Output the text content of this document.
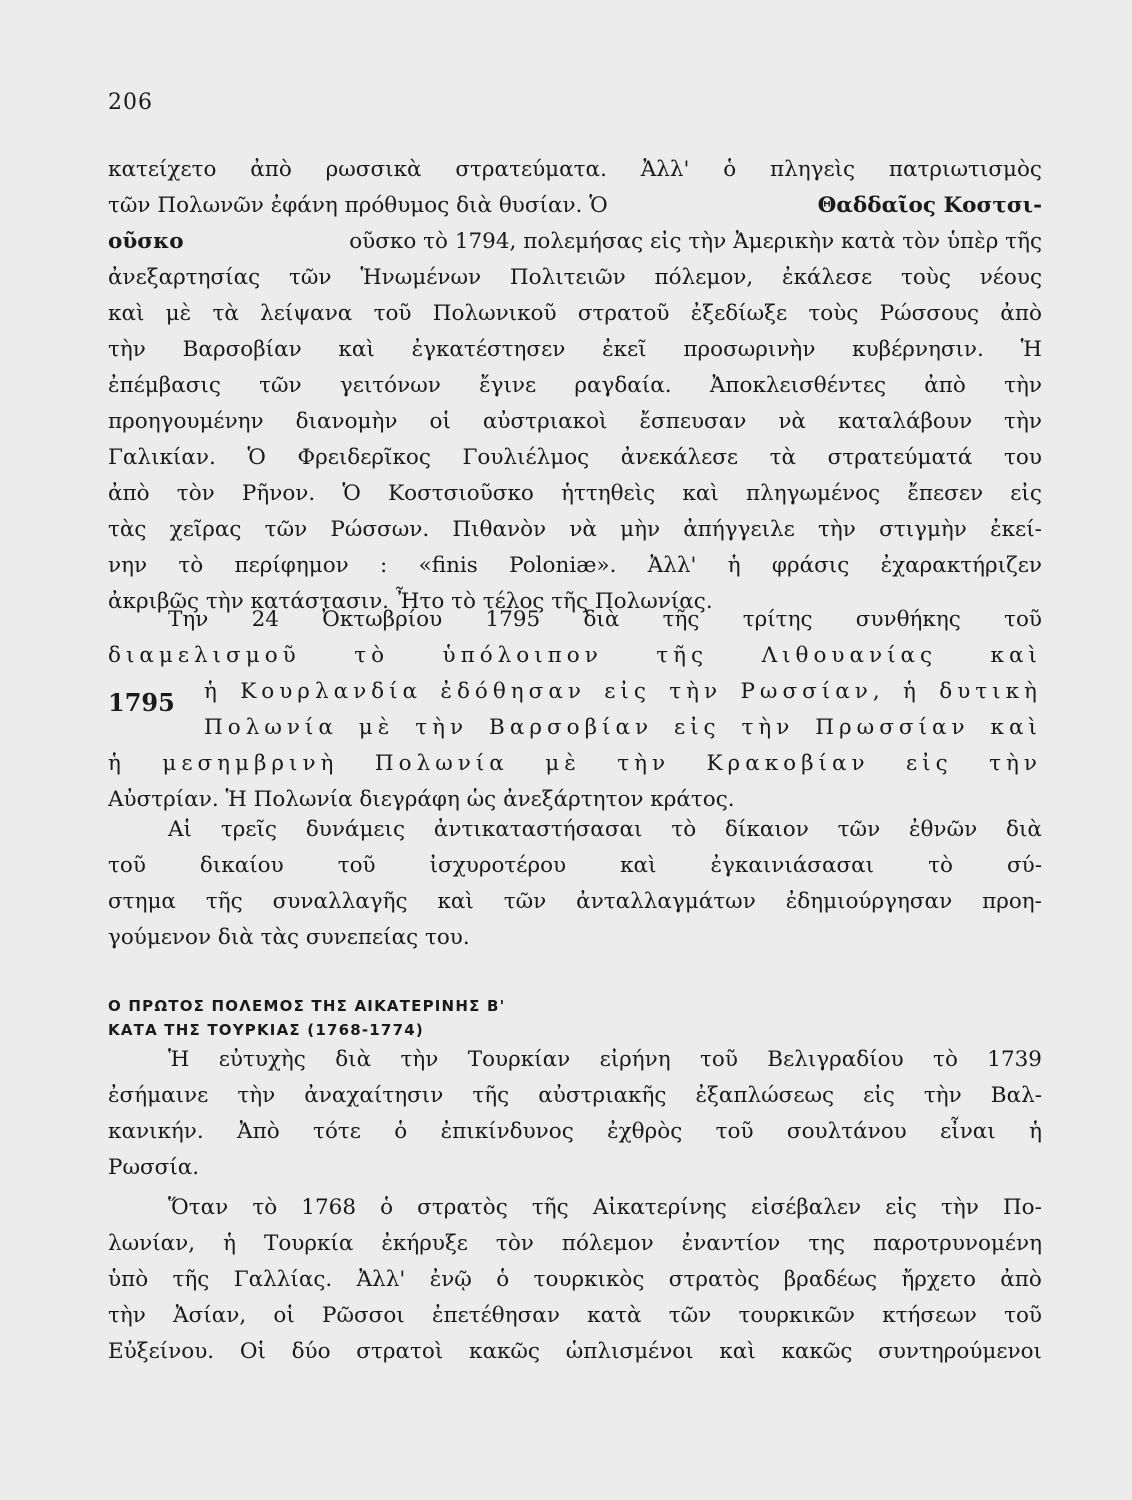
206
κατείχετο ἀπὸ ρωσσικὰ στρατεύματα. Ἀλλ' ὁ πληγεὶς πατριωτισμὸς
τῶν Πολωνῶν ἐφάνη πρόθυμος διὰ θυσίαν. Ὁ	Θαδδαῖος Κοστσι-
οῦσκο	οῦσκο τὸ 1794, πολεμήσας εἰς τὴν Ἀμερικὴν κατὰ τὸν ὑπὲρ τῆς
ἀνεξαρτησίας τῶν Ἡνωμένων Πολιτειῶν πόλεμον, ἐκάλεσε τοὺς νέους
καὶ μὲ τὰ λείψανα τοῦ Πολωνικοῦ στρατοῦ ἐξεδίωξε τοὺς Ρώσσους ἀπὸ
τὴν Βαρσοβίαν καὶ ἐγκατέστησεν ἐκεῖ προσωρινὴν κυβέρνησιν. Ἡ
ἐπέμβασις τῶν γειτόνων ἔγινε ραγδαία. Ἀποκλεισθέντες ἀπὸ τὴν
προηγουμένην διανομὴν οἱ αὐστριακοὶ ἔσπευσαν νὰ καταλάβουν τὴν
Γαλικίαν. Ὁ Φρειδερῖκος Γουλιέλμος ἀνεκάλεσε τὰ στρατεύματά του
ἀπὸ τὸν Ρῆνον. Ὁ Κοστσιοῦσκο ἡττηθεὶς καὶ πληγωμένος ἔπεσεν εἰς
τὰς χεῖρας τῶν Ρώσσων. Πιθανὸν νὰ μὴν ἀπήγγειλε τὴν στιγμὴν ἐκεί-
νην τὸ περίφημον : «finis Poloniæ». Ἀλλ' ἡ φράσις ἐχαρακτήριζεν
ἀκριβῶς τὴν κατάστασιν. Ἦτο τὸ τέλος τῆς Πολωνίας.
1795
Την 24 Ὀκτωβρίου 1795 διὰ τῆς τρίτης συνθήκης τοῦ
διαμελισμοῦ τὸ ὑπόλοιπον τῆς Λιθουανίας καὶ
ἡ Κουρλανδία ἐδόθησαν εἰς τὴν Ρωσσίαν, ἡ δυτικὴ
Πολωνία μὲ τὴν Βαρσοβίαν εἰς τὴν Πρωσσίαν καὶ
ἡ μεσημβρινὴ Πολωνία μὲ τὴν Κρακοβίαν εἰς τὴν
Αὐστρίαν. Ἡ Πολωνία διεγράφη ὡς ἀνεξάρτητον κράτος.
Αἱ τρεῖς δυνάμεις ἀντικαταστήσασαι τὸ δίκαιον τῶν ἐθνῶν διὰ
τοῦ	δικαίου	τοῦ	ἰσχυροτέρου	καὶ	ἐγκαινιάσασαι	τὸ	σύ-
στημα τῆς συναλλαγῆς καὶ τῶν ἀνταλλαγμάτων ἐδημιούργησαν προη-
γούμενον διὰ τὰς συνεπείας του.
Ο ΠΡΩΤΟΣ ΠΟΛΕΜΟΣ ΤΗΣ ΑΙΚΑΤΕΡΙΝΗΣ Β'
ΚΑΤΑ ΤΗΣ ΤΟΥΡΚΙΑΣ (1768-1774)
Ἡ εὐτυχὴς διὰ τὴν Τουρκίαν εἰρήνη τοῦ Βελιγραδίου τὸ 1739
ἐσήμαινε τὴν ἀναχαίτησιν τῆς αὐστριακῆς ἐξαπλώσεως εἰς τὴν Βαλ-
κανικήν. Ἀπὸ τότε ὁ ἐπικίνδυνος ἐχθρὸς τοῦ σουλτάνου εἶναι ἡ
Ρωσσία.
Ὅταν τὸ 1768 ὁ στρατὸς τῆς Αἰκατερίνης εἰσέβαλεν εἰς τὴν Πο-
λωνίαν, ἡ Τουρκία ἐκήρυξε τὸν πόλεμον ἐναντίον της παροτρυνομένη
ὑπὸ τῆς Γαλλίας. Ἀλλ' ἐνῷ ὁ τουρκικὸς στρατὸς βραδέως ἤρχετο ἀπὸ
τὴν Ἀσίαν, οἱ Ρῶσσοι ἐπετέθησαν κατὰ τῶν τουρκικῶν κτήσεων τοῦ
Εὐξείνου. Οἱ δύο στρατοὶ κακῶς ὡπλισμένοι καὶ κακῶς συντηρούμενοι
